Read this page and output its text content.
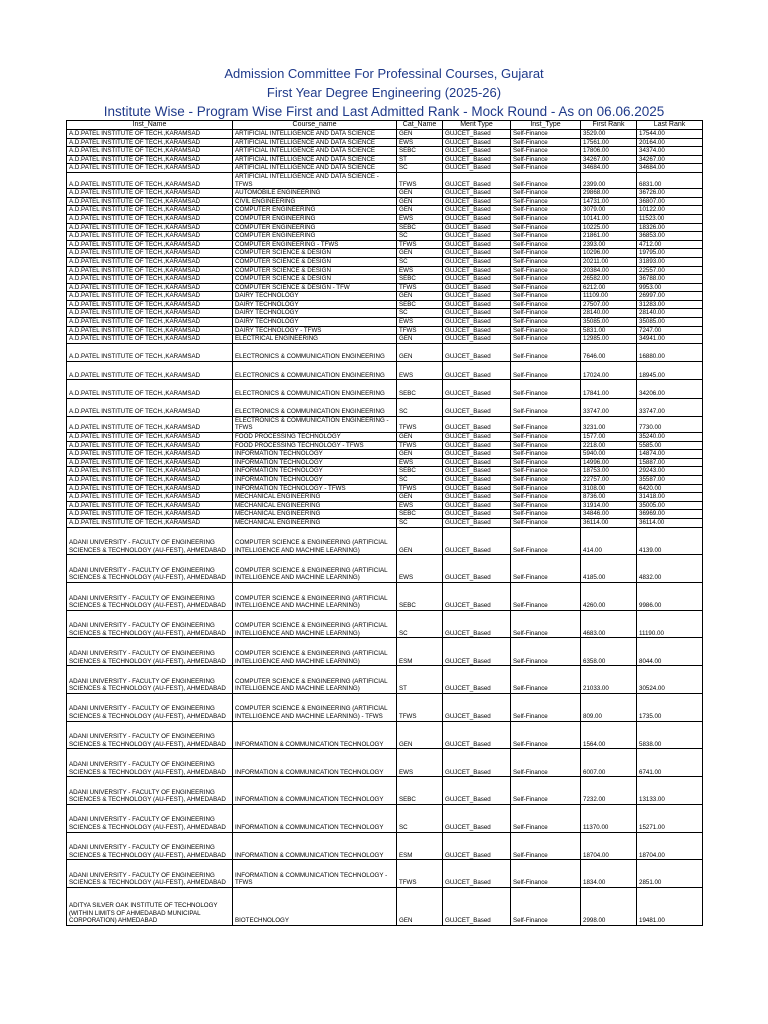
Admission Committee For Professinal Courses, Gujarat
First Year Degree Engineering (2025-26)
Institute Wise - Program Wise First and Last Admitted Rank - Mock Round - As on 06.06.2025
Inst_Name	Course_name	Cat_Name	Merit Type	Inst_Type	First Rank	Last Rank
A.D.PATEL INSTITUTE OF TECH.,KARAMSAD	ARTIFICIAL INTELLIGENCE AND DATA SCIENCE	GEN	GUJCET_Based	Self-Finance	3529.00	17544.00
A.D.PATEL INSTITUTE OF TECH.,KARAMSAD	ARTIFICIAL INTELLIGENCE AND DATA SCIENCE	EWS	GUJCET_Based	Self-Finance	17561.00	20164.00
A.D.PATEL INSTITUTE OF TECH.,KARAMSAD	ARTIFICIAL INTELLIGENCE AND DATA SCIENCE	SEBC	GUJCET_Based	Self-Finance	17806.00	34374.00
A.D.PATEL INSTITUTE OF TECH.,KARAMSAD	ARTIFICIAL INTELLIGENCE AND DATA SCIENCE	ST	GUJCET_Based	Self-Finance	34267.00	34267.00
A.D.PATEL INSTITUTE OF TECH.,KARAMSAD	ARTIFICIAL INTELLIGENCE AND DATA SCIENCE	SC	GUJCET_Based	Self-Finance	34684.00	34684.00
A.D.PATEL INSTITUTE OF TECH.,KARAMSAD	ARTIFICIAL INTELLIGENCE AND DATA SCIENCE - TFWS	TFWS	GUJCET_Based	Self-Finance	2399.00	6831.00
A.D.PATEL INSTITUTE OF TECH.,KARAMSAD	AUTOMOBILE ENGINEERING	GEN	GUJCET_Based	Self-Finance	29868.00	36726.00
A.D.PATEL INSTITUTE OF TECH.,KARAMSAD	CIVIL ENGINEERING	GEN	GUJCET_Based	Self-Finance	14731.00	36807.00
A.D.PATEL INSTITUTE OF TECH.,KARAMSAD	COMPUTER ENGINEERING	GEN	GUJCET_Based	Self-Finance	3079.00	10122.00
A.D.PATEL INSTITUTE OF TECH.,KARAMSAD	COMPUTER ENGINEERING	EWS	GUJCET_Based	Self-Finance	10141.00	11523.00
A.D.PATEL INSTITUTE OF TECH.,KARAMSAD	COMPUTER ENGINEERING	SEBC	GUJCET_Based	Self-Finance	10225.00	18326.00
A.D.PATEL INSTITUTE OF TECH.,KARAMSAD	COMPUTER ENGINEERING	SC	GUJCET_Based	Self-Finance	21861.00	36853.00
A.D.PATEL INSTITUTE OF TECH.,KARAMSAD	COMPUTER ENGINEERING - TFWS	TFWS	GUJCET_Based	Self-Finance	2393.00	4712.00
A.D.PATEL INSTITUTE OF TECH.,KARAMSAD	COMPUTER SCIENCE & DESIGN	GEN	GUJCET_Based	Self-Finance	10296.00	19795.00
A.D.PATEL INSTITUTE OF TECH.,KARAMSAD	COMPUTER SCIENCE & DESIGN	SC	GUJCET_Based	Self-Finance	20211.00	31893.00
A.D.PATEL INSTITUTE OF TECH.,KARAMSAD	COMPUTER SCIENCE & DESIGN	EWS	GUJCET_Based	Self-Finance	20384.00	22557.00
A.D.PATEL INSTITUTE OF TECH.,KARAMSAD	COMPUTER SCIENCE & DESIGN	SEBC	GUJCET_Based	Self-Finance	26582.00	36788.00
A.D.PATEL INSTITUTE OF TECH.,KARAMSAD	COMPUTER SCIENCE & DESIGN - TFW	TFWS	GUJCET_Based	Self-Finance	6212.00	9953.00
A.D.PATEL INSTITUTE OF TECH.,KARAMSAD	DAIRY TECHNOLOGY	GEN	GUJCET_Based	Self-Finance	11109.00	26997.00
A.D.PATEL INSTITUTE OF TECH.,KARAMSAD	DAIRY TECHNOLOGY	SEBC	GUJCET_Based	Self-Finance	27507.00	31283.00
A.D.PATEL INSTITUTE OF TECH.,KARAMSAD	DAIRY TECHNOLOGY	SC	GUJCET_Based	Self-Finance	28140.00	28140.00
A.D.PATEL INSTITUTE OF TECH.,KARAMSAD	DAIRY TECHNOLOGY	EWS	GUJCET_Based	Self-Finance	35085.00	35085.00
A.D.PATEL INSTITUTE OF TECH.,KARAMSAD	DAIRY TECHNOLOGY - TFWS	TFWS	GUJCET_Based	Self-Finance	5831.00	7247.00
A.D.PATEL INSTITUTE OF TECH.,KARAMSAD	ELECTRICAL ENGINEERING	GEN	GUJCET_Based	Self-Finance	12985.00	34941.00
A.D.PATEL INSTITUTE OF TECH.,KARAMSAD	ELECTRONICS & COMMUNICATION ENGINEERING	GEN	GUJCET_Based	Self-Finance	7646.00	16880.00
A.D.PATEL INSTITUTE OF TECH.,KARAMSAD	ELECTRONICS & COMMUNICATION ENGINEERING	EWS	GUJCET_Based	Self-Finance	17024.00	18945.00
A.D.PATEL INSTITUTE OF TECH.,KARAMSAD	ELECTRONICS & COMMUNICATION ENGINEERING	SEBC	GUJCET_Based	Self-Finance	17841.00	34206.00
A.D.PATEL INSTITUTE OF TECH.,KARAMSAD	ELECTRONICS & COMMUNICATION ENGINEERING	SC	GUJCET_Based	Self-Finance	33747.00	33747.00
A.D.PATEL INSTITUTE OF TECH.,KARAMSAD	ELECTRONICS & COMMUNICATION ENGINEERING - TFWS	TFWS	GUJCET_Based	Self-Finance	3231.00	7730.00
A.D.PATEL INSTITUTE OF TECH.,KARAMSAD	FOOD PROCESSING TECHNOLOGY	GEN	GUJCET_Based	Self-Finance	1577.00	35240.00
A.D.PATEL INSTITUTE OF TECH.,KARAMSAD	FOOD PROCESSING TECHNOLOGY - TFWS	TFWS	GUJCET_Based	Self-Finance	2218.00	5585.00
A.D.PATEL INSTITUTE OF TECH.,KARAMSAD	INFORMATION TECHNOLOGY	GEN	GUJCET_Based	Self-Finance	5940.00	14874.00
A.D.PATEL INSTITUTE OF TECH.,KARAMSAD	INFORMATION TECHNOLOGY	EWS	GUJCET_Based	Self-Finance	14996.00	15887.00
A.D.PATEL INSTITUTE OF TECH.,KARAMSAD	INFORMATION TECHNOLOGY	SEBC	GUJCET_Based	Self-Finance	18753.00	29243.00
A.D.PATEL INSTITUTE OF TECH.,KARAMSAD	INFORMATION TECHNOLOGY	SC	GUJCET_Based	Self-Finance	22757.00	35587.00
A.D.PATEL INSTITUTE OF TECH.,KARAMSAD	INFORMATION TECHNOLOGY - TFWS	TFWS	GUJCET_Based	Self-Finance	3108.00	6420.00
A.D.PATEL INSTITUTE OF TECH.,KARAMSAD	MECHANICAL ENGINEERING	GEN	GUJCET_Based	Self-Finance	8736.00	31418.00
A.D.PATEL INSTITUTE OF TECH.,KARAMSAD	MECHANICAL ENGINEERING	EWS	GUJCET_Based	Self-Finance	31914.00	35005.00
A.D.PATEL INSTITUTE OF TECH.,KARAMSAD	MECHANICAL ENGINEERING	SEBC	GUJCET_Based	Self-Finance	34846.00	36969.00
A.D.PATEL INSTITUTE OF TECH.,KARAMSAD	MECHANICAL ENGINEERING	SC	GUJCET_Based	Self-Finance	36114.00	36114.00
ADANI UNIVERSITY - FACULTY OF ENGINEERING SCIENCES & TECHNOLOGY (AU-FEST), AHMEDABAD	COMPUTER SCIENCE & ENGINEERING (ARTIFICIAL INTELLIGENCE AND MACHINE LEARNING)	GEN	GUJCET_Based	Self-Finance	414.00	4139.00
ADANI UNIVERSITY - FACULTY OF ENGINEERING SCIENCES & TECHNOLOGY (AU-FEST), AHMEDABAD	COMPUTER SCIENCE & ENGINEERING (ARTIFICIAL INTELLIGENCE AND MACHINE LEARNING)	EWS	GUJCET_Based	Self-Finance	4185.00	4832.00
ADANI UNIVERSITY - FACULTY OF ENGINEERING SCIENCES & TECHNOLOGY (AU-FEST), AHMEDABAD	COMPUTER SCIENCE & ENGINEERING (ARTIFICIAL INTELLIGENCE AND MACHINE LEARNING)	SEBC	GUJCET_Based	Self-Finance	4260.00	9986.00
ADANI UNIVERSITY - FACULTY OF ENGINEERING SCIENCES & TECHNOLOGY (AU-FEST), AHMEDABAD	COMPUTER SCIENCE & ENGINEERING (ARTIFICIAL INTELLIGENCE AND MACHINE LEARNING)	SC	GUJCET_Based	Self-Finance	4683.00	11190.00
ADANI UNIVERSITY - FACULTY OF ENGINEERING SCIENCES & TECHNOLOGY (AU-FEST), AHMEDABAD	COMPUTER SCIENCE & ENGINEERING (ARTIFICIAL INTELLIGENCE AND MACHINE LEARNING)	ESM	GUJCET_Based	Self-Finance	6358.00	8044.00
ADANI UNIVERSITY - FACULTY OF ENGINEERING SCIENCES & TECHNOLOGY (AU-FEST), AHMEDABAD	COMPUTER SCIENCE & ENGINEERING (ARTIFICIAL INTELLIGENCE AND MACHINE LEARNING)	ST	GUJCET_Based	Self-Finance	21033.00	30524.00
ADANI UNIVERSITY - FACULTY OF ENGINEERING SCIENCES & TECHNOLOGY (AU-FEST), AHMEDABAD	COMPUTER SCIENCE & ENGINEERING (ARTIFICIAL INTELLIGENCE AND MACHINE LEARNING) - TFWS	TFWS	GUJCET_Based	Self-Finance	809.00	1735.00
ADANI UNIVERSITY - FACULTY OF ENGINEERING SCIENCES & TECHNOLOGY (AU-FEST), AHMEDABAD	INFORMATION & COMMUNICATION TECHNOLOGY	GEN	GUJCET_Based	Self-Finance	1564.00	5838.00
ADANI UNIVERSITY - FACULTY OF ENGINEERING SCIENCES & TECHNOLOGY (AU-FEST), AHMEDABAD	INFORMATION & COMMUNICATION TECHNOLOGY	EWS	GUJCET_Based	Self-Finance	6007.00	6741.00
ADANI UNIVERSITY - FACULTY OF ENGINEERING SCIENCES & TECHNOLOGY (AU-FEST), AHMEDABAD	INFORMATION & COMMUNICATION TECHNOLOGY	SEBC	GUJCET_Based	Self-Finance	7232.00	13133.00
ADANI UNIVERSITY - FACULTY OF ENGINEERING SCIENCES & TECHNOLOGY (AU-FEST), AHMEDABAD	INFORMATION & COMMUNICATION TECHNOLOGY	SC	GUJCET_Based	Self-Finance	11370.00	15271.00
ADANI UNIVERSITY - FACULTY OF ENGINEERING SCIENCES & TECHNOLOGY (AU-FEST), AHMEDABAD	INFORMATION & COMMUNICATION TECHNOLOGY	ESM	GUJCET_Based	Self-Finance	18704.00	18704.00
ADANI UNIVERSITY - FACULTY OF ENGINEERING SCIENCES & TECHNOLOGY (AU-FEST), AHMEDABAD	INFORMATION & COMMUNICATION TECHNOLOGY - TFWS	TFWS	GUJCET_Based	Self-Finance	1834.00	2851.00
ADITYA SILVER OAK INSTITUTE OF TECHNOLOGY (WITHIN LIMITS OF AHMEDABAD MUNICIPAL CORPORATION) AHMEDABAD	BIOTECHNOLOGY	GEN	GUJCET_Based	Self-Finance	2998.00	19481.00
